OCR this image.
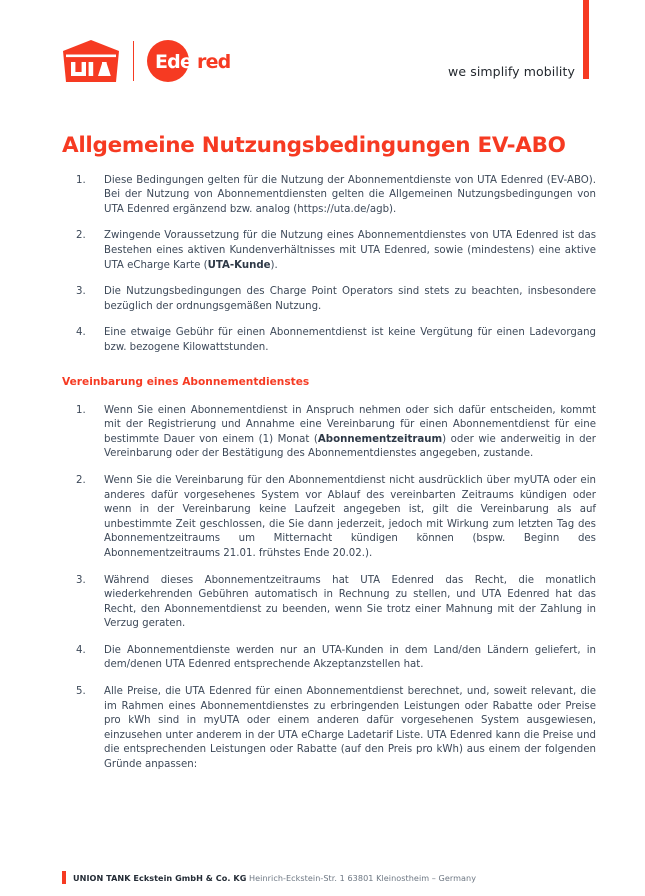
Eden
red	we simplify mobility
Allgemeine Nutzungsbedingungen EV-ABO
1.	Diese Bedingungen gelten für die Nutzung der Abonnementdienste von UTA Edenred (EV-ABO). Bei der Nutzung von Abonnementdiensten gelten die Allgemeinen Nutzungsbedingungen von UTA Edenred ergänzend bzw. analog (https://uta.de/agb).
2.	Zwingende Voraussetzung für die Nutzung eines Abonnementdienstes von UTA Edenred ist das Bestehen eines aktiven Kundenverhältnisses mit UTA Edenred, sowie (mindestens) eine aktive UTA eCharge Karte (UTA-Kunde).
3.	Die Nutzungsbedingungen des Charge Point Operators sind stets zu beachten, insbesondere bezüglich der ordnungsgemäßen Nutzung.
4.	Eine etwaige Gebühr für einen Abonnementdienst ist keine Vergütung für einen Ladevorgang bzw. bezogene Kilowattstunden.
Vereinbarung eines Abonnementdienstes
1.	Wenn Sie einen Abonnementdienst in Anspruch nehmen oder sich dafür entscheiden, kommt mit der Registrierung und Annahme eine Vereinbarung für einen Abonnementdienst für eine bestimmte Dauer von einem (1) Monat (Abonnementzeitraum) oder wie anderweitig in der Vereinbarung oder der Bestätigung des Abonnementdienstes angegeben, zustande.
2.	Wenn Sie die Vereinbarung für den Abonnementdienst nicht ausdrücklich über myUTA oder ein anderes dafür vorgesehenes System vor Ablauf des vereinbarten Zeitraums kündigen oder wenn in der Vereinbarung keine Laufzeit angegeben ist, gilt die Vereinbarung als auf unbestimmte Zeit geschlossen, die Sie dann jederzeit, jedoch mit Wirkung zum letzten Tag des Abonnementzeitraums um Mitternacht kündigen können (bspw. Beginn des Abonnementzeitraums 21.01. frühstes Ende 20.02.).
3.	Während dieses Abonnementzeitraums hat UTA Edenred das Recht, die monatlich wiederkehrenden Gebühren automatisch in Rechnung zu stellen, und UTA Edenred hat das Recht, den Abonnementdienst zu beenden, wenn Sie trotz einer Mahnung mit der Zahlung in Verzug geraten.
4.	Die Abonnementdienste werden nur an UTA-Kunden in dem Land/den Ländern geliefert, in dem/denen UTA Edenred entsprechende Akzeptanzstellen hat.
5.	Alle Preise, die UTA Edenred für einen Abonnementdienst berechnet, und, soweit relevant, die im Rahmen eines Abonnementdienstes zu erbringenden Leistungen oder Rabatte oder Preise pro kWh sind in myUTA oder einem anderen dafür vorgesehenen System ausgewiesen, einzusehen unter anderem in der UTA eCharge Ladetarif Liste. UTA Edenred kann die Preise und die entsprechenden Leistungen oder Rabatte (auf den Preis pro kWh) aus einem der folgenden Gründe anpassen:
UNION TANK Eckstein GmbH & Co. KG Heinrich-Eckstein-Str. 1 63801 Kleinostheim – Germany
